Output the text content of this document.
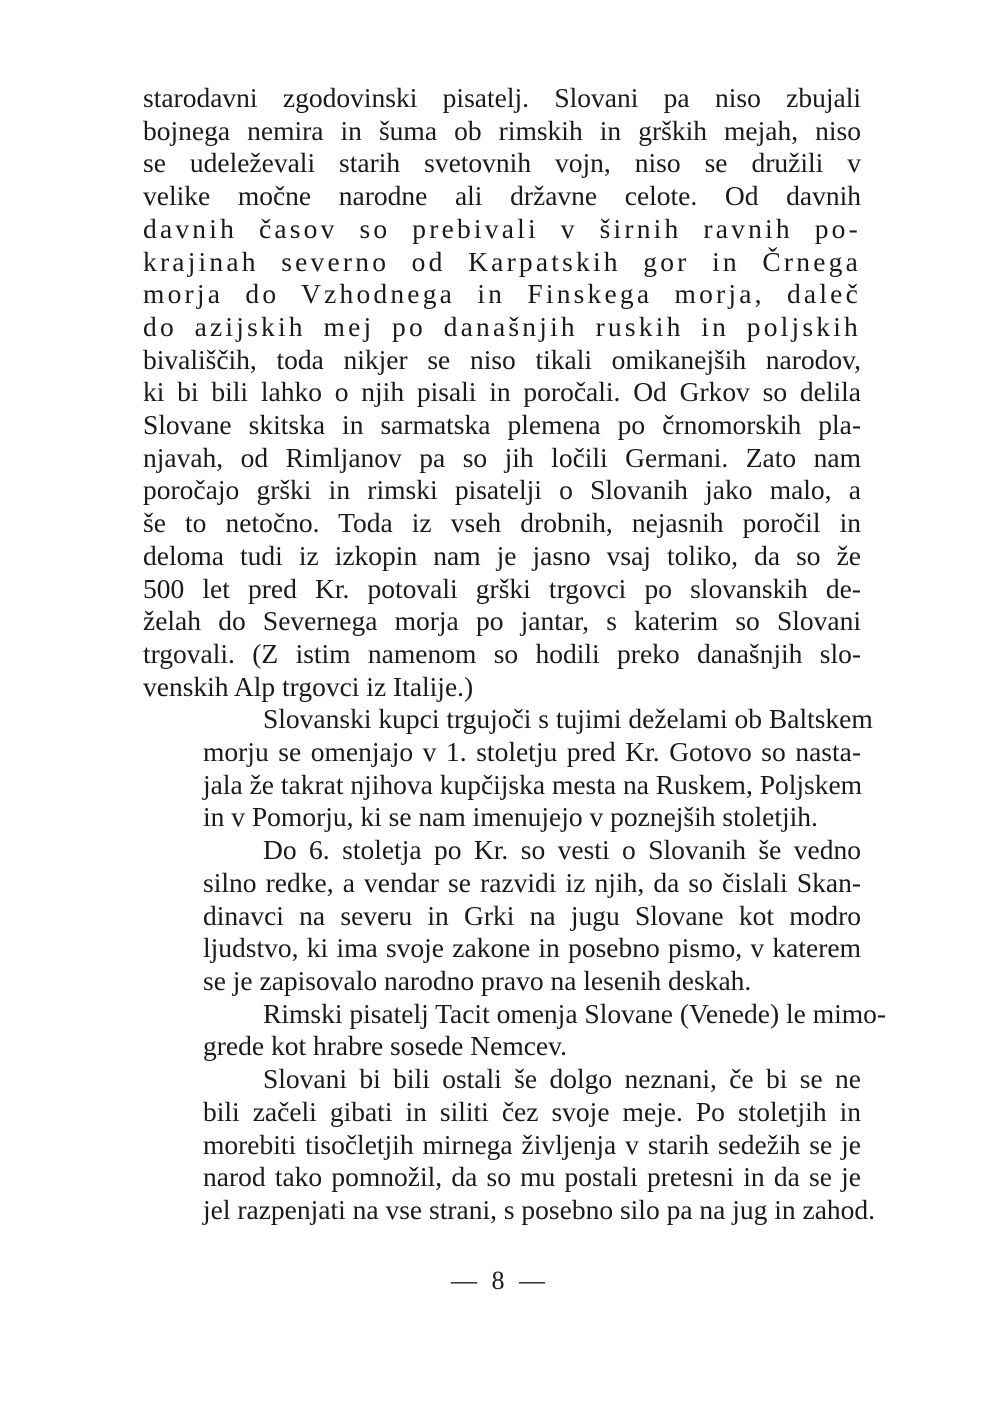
starodavni zgodovinski pisatelj. Slovani pa niso zbujali
bojnega nemira in šuma ob rimskih in grških mejah, niso
se udeleževali starih svetovnih vojn, niso se družili v
velike močne narodne ali državne celote. Od davnih
davnih časov so prebivali v širnih ravnih po-
krajinah severno od Karpatskih gor in Črnega
morja do Vzhodnega in Finskega morja, daleč
do azijskih mej po današnjih ruskih in poljskih
bivališčih, toda nikjer se niso tikali omikanejših narodov,
ki bi bili lahko o njih pisali in poročali. Od Grkov so delila
Slovane skitska in sarmatska plemena po črnomorskih pla-
njavah, od Rimljanov pa so jih ločili Germani. Zato nam
poročajo grški in rimski pisatelji o Slovanih jako malo, a
še to netočno. Toda iz vseh drobnih, nejasnih poročil in
deloma tudi iz izkopin nam je jasno vsaj toliko, da so že
500 let pred Kr. potovali grški trgovci po slovanskih de-
želah do Severnega morja po jantar, s katerim so Slovani
trgovali. (Z istim namenom so hodili preko današnjih slo-
venskih Alp trgovci iz Italije.)
Slovanski kupci trgujoči s tujimi deželami ob Baltskem
morju se omenjajo v 1. stoletju pred Kr. Gotovo so nasta-
jala že takrat njihova kupčijska mesta na Ruskem, Poljskem
in v Pomorju, ki se nam imenujejo v poznejših stoletjih.
Do 6. stoletja po Kr. so vesti o Slovanih še vedno
silno redke, a vendar se razvidi iz njih, da so čislali Skan-
dinavci na severu in Grki na jugu Slovane kot modro
ljudstvo, ki ima svoje zakone in posebno pismo, v katerem
se je zapisovalo narodno pravo na lesenih deskah.
Rimski pisatelj Tacit omenja Slovane (Venede) le mimo-
grede kot hrabre sosede Nemcev.
Slovani bi bili ostali še dolgo neznani, če bi se ne
bili začeli gibati in siliti čez svoje meje. Po stoletjih in
morebiti tisočletjih mirnega življenja v starih sedežih se je
narod tako pomnožil, da so mu postali pretesni in da se je
jel razpenjati na vse strani, s posebno silo pa na jug in zahod.
— 8 —
